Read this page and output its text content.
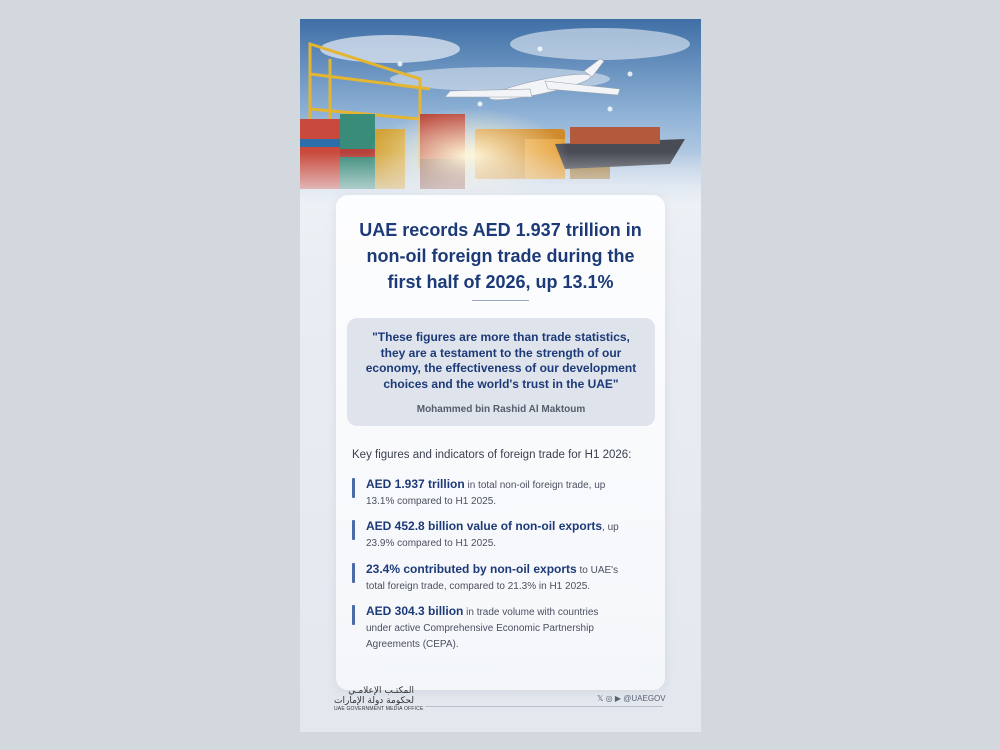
UAE records AED 1.937 trillion in
non-oil foreign trade during the
first half of 2026, up 13.1%
"These figures are more than trade statistics,
they are a testament to the strength of our
economy, the effectiveness of our development
choices and the world's trust in the UAE"
Mohammed bin Rashid Al Maktoum
Key figures and indicators of foreign trade for H1 2026:
AED 1.937 trillion in total non-oil foreign trade, up
13.1% compared to H1 2025.
AED 452.8 billion value of non-oil exports, up
23.9% compared to H1 2025.
23.4% contributed by non-oil exports to UAE's
total foreign trade, compared to 21.3% in H1 2025.
AED 304.3 billion in trade volume with countries
under active Comprehensive Economic Partnership
Agreements (CEPA).
المكتـب الإعلامـي
لحكومة دولة الإمارات
UAE GOVERNMENT MEDIA OFFICE
𝕏 ◎ ▶ @UAEGOV
